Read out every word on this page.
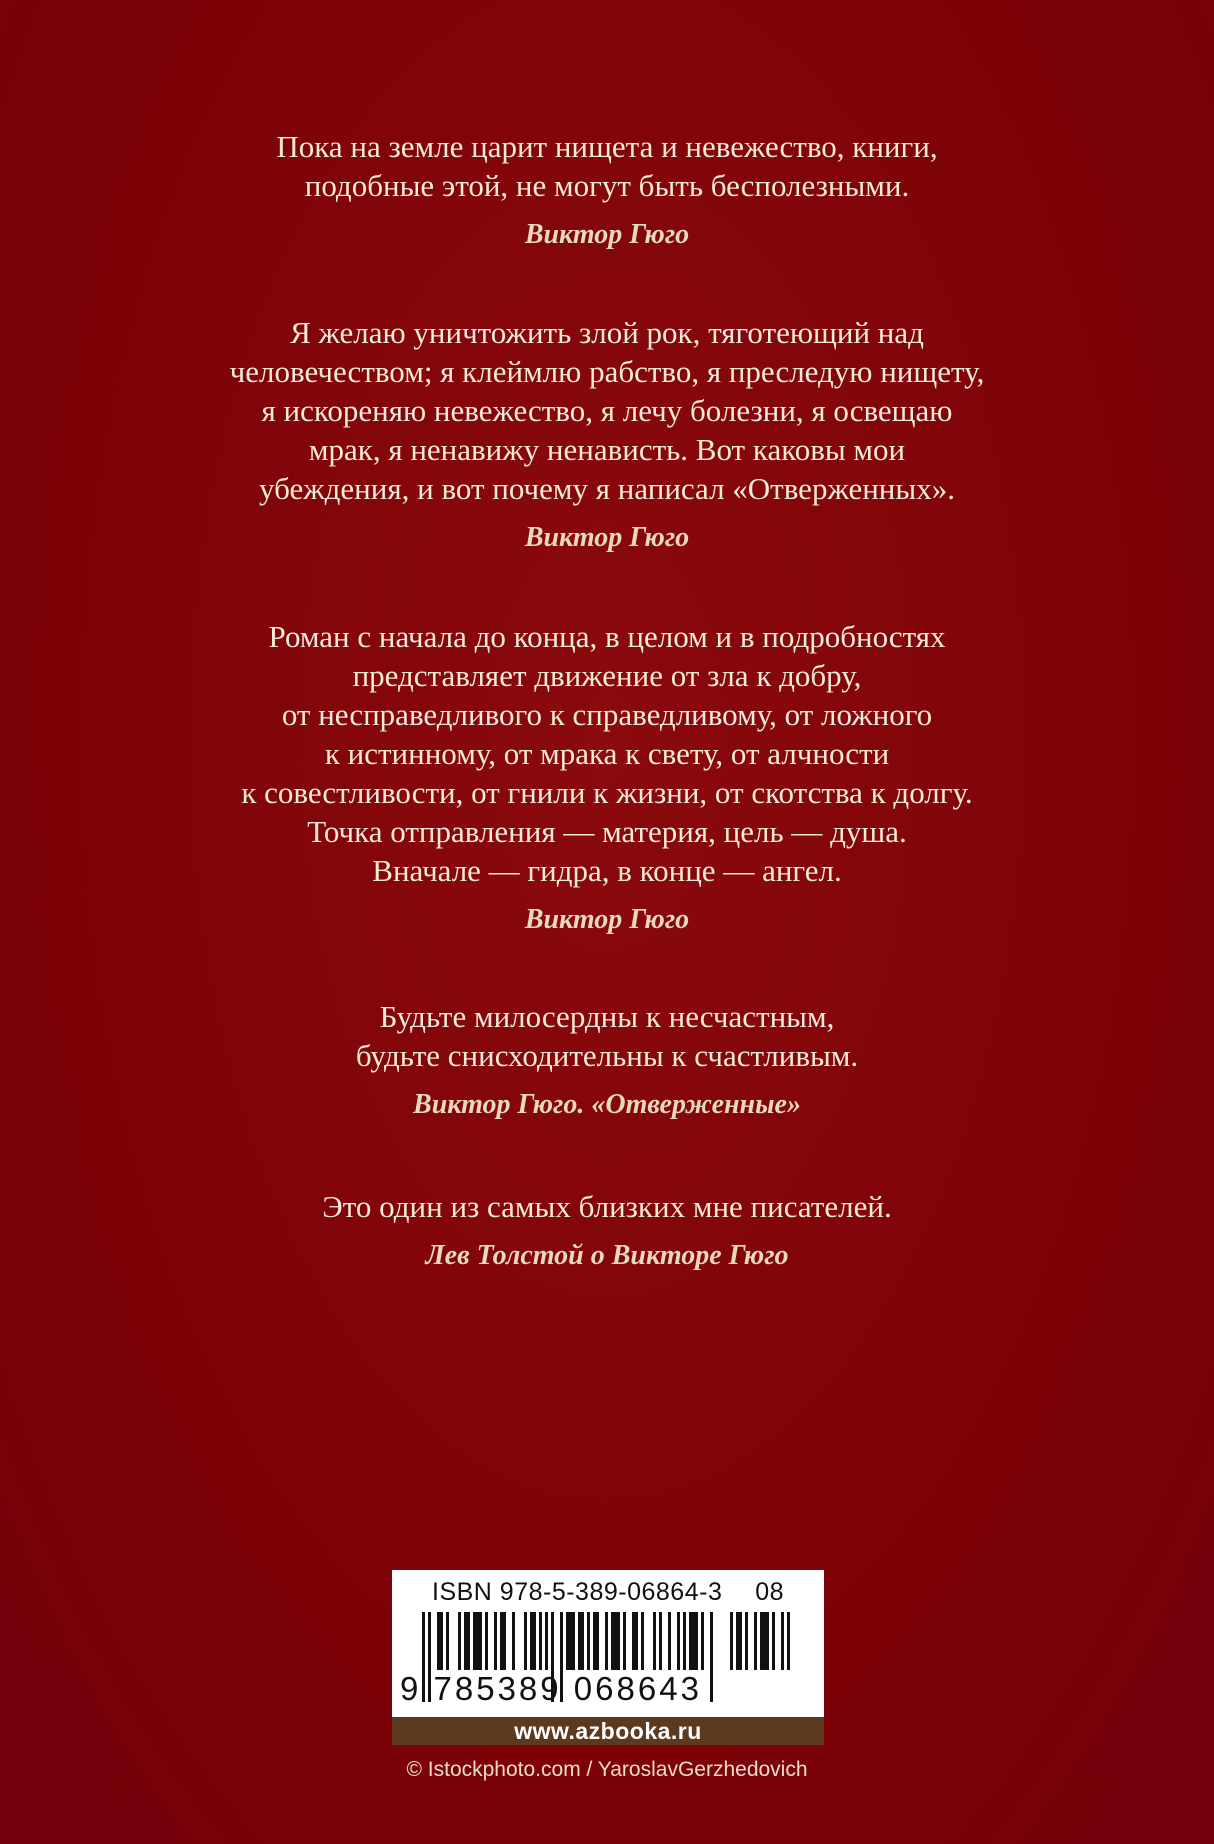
Пока на земле царит нищета и невежество, книги,
подобные этой, не могут быть бесполезными.
Виктор Гюго
Я желаю уничтожить злой рок, тяготеющий над
человечеством; я клеймлю рабство, я преследую нищету,
я искореняю невежество, я лечу болезни, я освещаю
мрак, я ненавижу ненависть. Вот каковы мои
убеждения, и вот почему я написал «Отверженных».
Виктор Гюго
Роман с начала до конца, в целом и в подробностях
представляет движение от зла к добру,
от несправедливого к справедливому, от ложного
к истинному, от мрака к свету, от алчности
к совестливости, от гнили к жизни, от скотства к долгу.
Точка отправления — материя, цель — душа.
Вначале — гидра, в конце — ангел.
Виктор Гюго
Будьте милосердны к несчастным,
будьте снисходительны к счастливым.
Виктор Гюго. «Отверженные»
Это один из самых близких мне писателей.
Лев Толстой о Викторе Гюго
ISBN 978-5-389-06864-3 08
9 785389 068643
www.azbooka.ru
© Istockphoto.com / YaroslavGerzhedovich
